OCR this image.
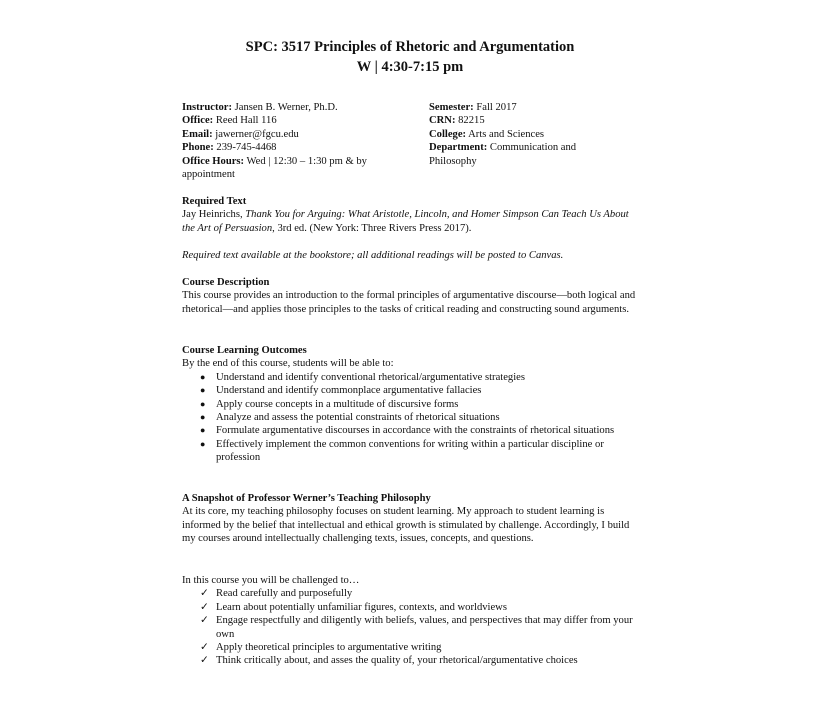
SPC: 3517 Principles of Rhetoric and Argumentation
W | 4:30-7:15 pm
Instructor: Jansen B. Werner, Ph.D.
Office: Reed Hall 116
Email: jawerner@fgcu.edu
Phone: 239-745-4468
Office Hours: Wed | 12:30 – 1:30 pm & by appointment
Semester: Fall 2017
CRN: 82215
College: Arts and Sciences
Department: Communication and Philosophy
Required Text
Jay Heinrichs, Thank You for Arguing: What Aristotle, Lincoln, and Homer Simpson Can Teach Us About the Art of Persuasion, 3rd ed. (New York: Three Rivers Press 2017).
Required text available at the bookstore; all additional readings will be posted to Canvas.
Course Description
This course provides an introduction to the formal principles of argumentative discourse—both logical and rhetorical—and applies those principles to the tasks of critical reading and constructing sound arguments.
Course Learning Outcomes
By the end of this course, students will be able to:
● Understand and identify conventional rhetorical/argumentative strategies
● Understand and identify commonplace argumentative fallacies
● Apply course concepts in a multitude of discursive forms
● Analyze and assess the potential constraints of rhetorical situations
● Formulate argumentative discourses in accordance with the constraints of rhetorical situations
● Effectively implement the common conventions for writing within a particular discipline or profession
A Snapshot of Professor Werner’s Teaching Philosophy
At its core, my teaching philosophy focuses on student learning. My approach to student learning is informed by the belief that intellectual and ethical growth is stimulated by challenge. Accordingly, I build my courses around intellectually challenging texts, issues, concepts, and questions.
In this course you will be challenged to…
✓ Read carefully and purposefully
✓ Learn about potentially unfamiliar figures, contexts, and worldviews
✓ Engage respectfully and diligently with beliefs, values, and perspectives that may differ from your own
✓ Apply theoretical principles to argumentative writing
✓ Think critically about, and asses the quality of, your rhetorical/argumentative choices
